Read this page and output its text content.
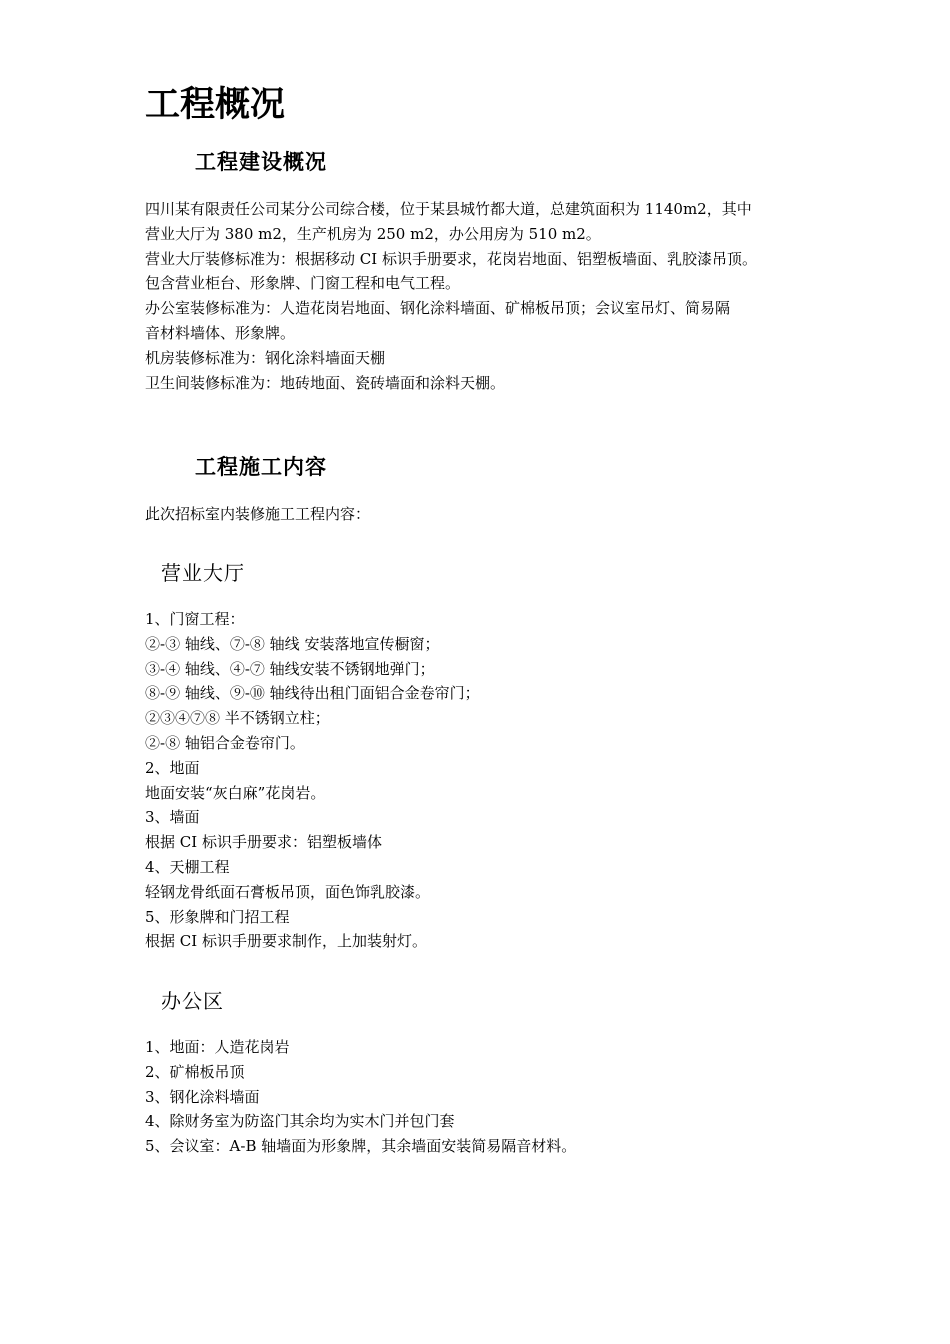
工程概况
工程建设概况
四川某有限责任公司某分公司综合楼，位于某县城竹都大道，总建筑面积为 1140m2，其中
营业大厅为 380 m2，生产机房为 250 m2，办公用房为 510 m2。
营业大厅装修标准为：根据移动 CI 标识手册要求，花岗岩地面、铝塑板墙面、乳胶漆吊顶。
包含营业柜台、形象牌、门窗工程和电气工程。
办公室装修标准为：人造花岗岩地面、钢化涂料墙面、矿棉板吊顶；会议室吊灯、简易隔
音材料墙体、形象牌。
机房装修标准为：钢化涂料墙面天棚
卫生间装修标准为：地砖地面、瓷砖墙面和涂料天棚。
工程施工内容
此次招标室内装修施工工程内容：
营业大厅
1、门窗工程：
②-③ 轴线、⑦-⑧ 轴线 安装落地宣传橱窗；
③-④ 轴线、④-⑦ 轴线安装不锈钢地弹门；
⑧-⑨ 轴线、⑨-⑩ 轴线待出租门面铝合金卷帘门；
②③④⑦⑧ 半不锈钢立柱；
②-⑧ 轴铝合金卷帘门。
2、地面
地面安装“灰白麻”花岗岩。
3、墙面
根据 CI 标识手册要求：铝塑板墙体
4、天棚工程
轻钢龙骨纸面石膏板吊顶，面色饰乳胶漆。
5、形象牌和门招工程
根据 CI 标识手册要求制作，上加装射灯。
办公区
1、地面：人造花岗岩
2、矿棉板吊顶
3、钢化涂料墙面
4、除财务室为防盗门其余均为实木门并包门套
5、会议室：A-B 轴墙面为形象牌，其余墙面安装简易隔音材料。
